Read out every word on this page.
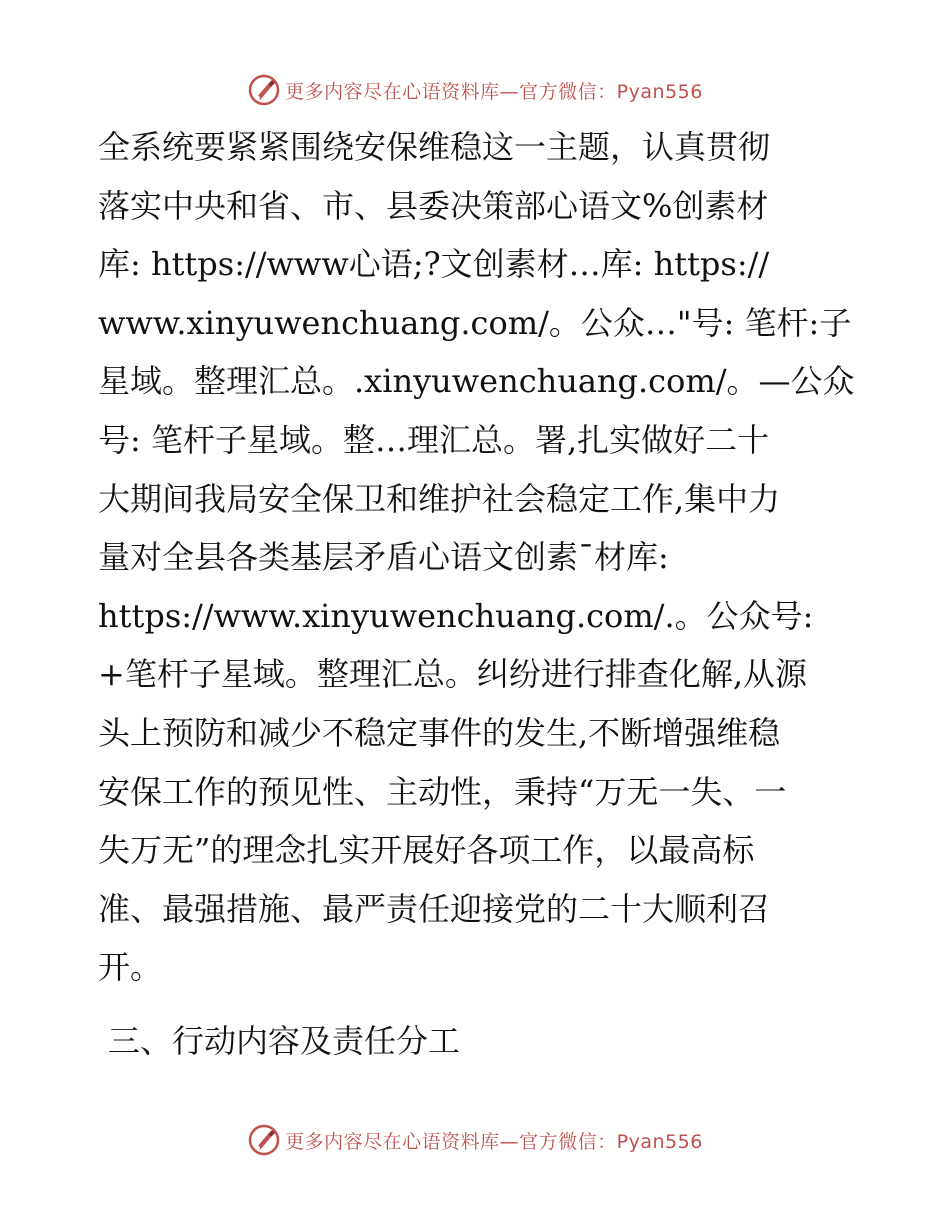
更多内容尽在心语资料库—官方微信：Pyan556
全系统要紧紧围绕安保维稳这一主题，认真贯彻
落实中央和省、市、县委决策部心语文%创素材
库: https://www心语;?文创素材…库: https://
www.xinyuwenchuang.com/。公众…"号: 笔杆:子
星域。整理汇总。.xinyuwenchuang.com/。—公众
号: 笔杆子星域。整…理汇总。署,扎实做好二十
大期间我局安全保卫和维护社会稳定工作,集中力
量对全县各类基层矛盾心语文创素¯材库:
https://www.xinyuwenchuang.com/.。公众号:
+笔杆子星域。整理汇总。纠纷进行排查化解,从源
头上预防和减少不稳定事件的发生,不断增强维稳
安保工作的预见性、主动性，秉持“万无一失、一
失万无”的理念扎实开展好各项工作，以最高标
准、最强措施、最严责任迎接党的二十大顺利召
开。
三、行动内容及责任分工
更多内容尽在心语资料库—官方微信：Pyan556
